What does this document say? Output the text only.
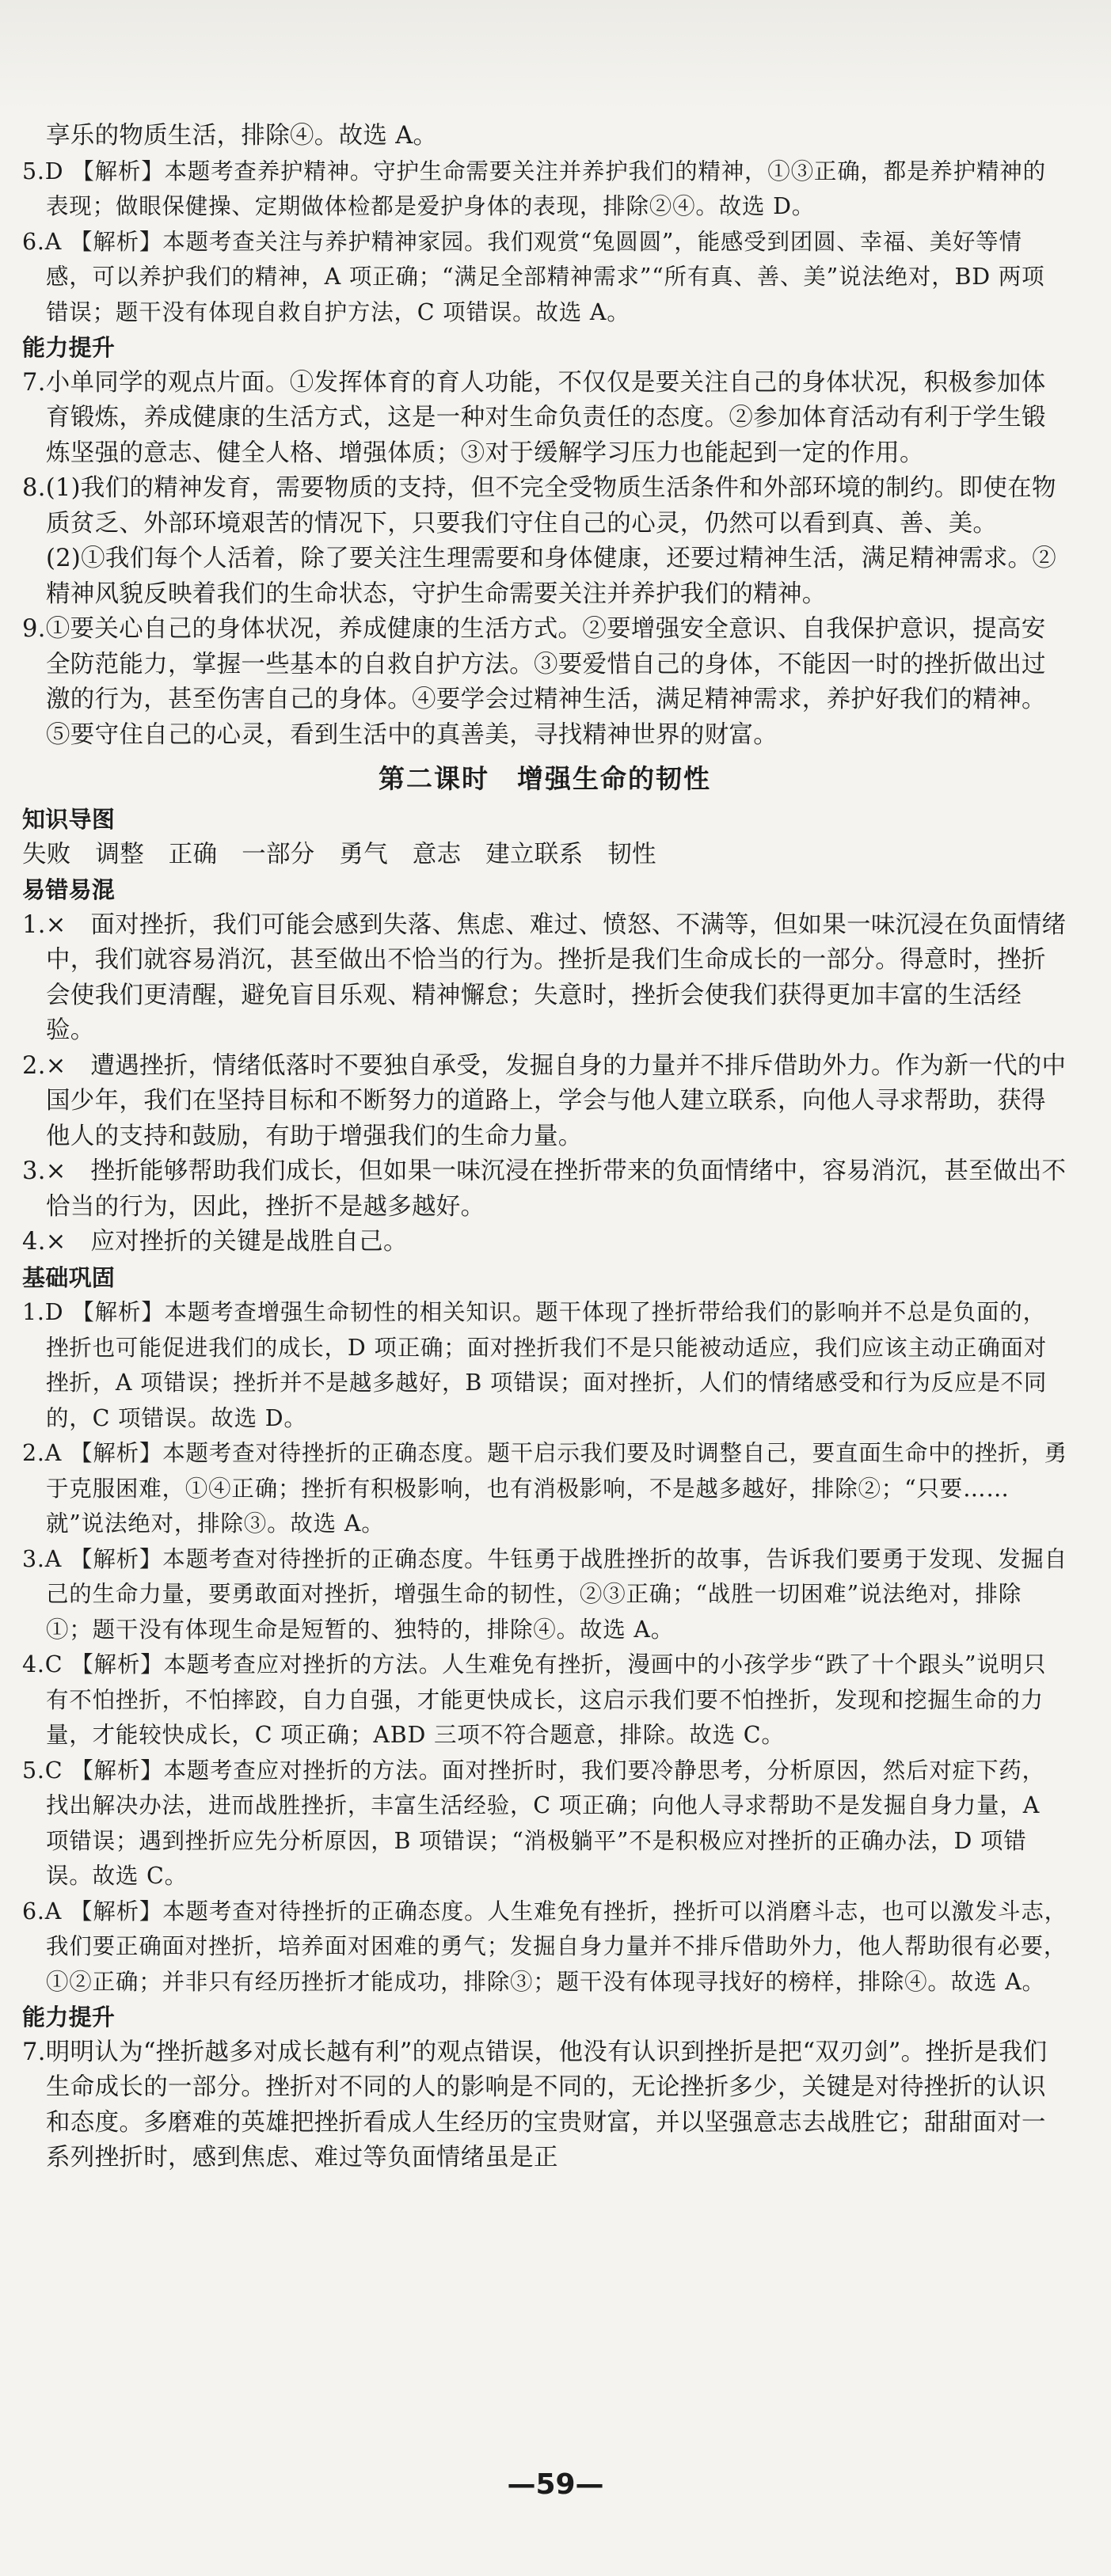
享乐的物质生活，排除④。故选 A。

5.D 【解析】本题考查养护精神。守护生命需要关注并养护我们的精神，①③正确，都是养护精神的表现；做眼保健操、定期做体检都是爱护身体的表现，排除②④。故选 D。

6.A 【解析】本题考查关注与养护精神家园。我们观赏“兔圆圆”，能感受到团圆、幸福、美好等情感，可以养护我们的精神，A 项正确；“满足全部精神需求”“所有真、善、美”说法绝对，BD 两项错误；题干没有体现自救自护方法，C 项错误。故选 A。

能力提升

7.小单同学的观点片面。①发挥体育的育人功能，不仅仅是要关注自己的身体状况，积极参加体育锻炼，养成健康的生活方式，这是一种对生命负责任的态度。②参加体育活动有利于学生锻炼坚强的意志、健全人格、增强体质；③对于缓解学习压力也能起到一定的作用。

8.(1)我们的精神发育，需要物质的支持，但不完全受物质生活条件和外部环境的制约。即使在物质贫乏、外部环境艰苦的情况下，只要我们守住自己的心灵，仍然可以看到真、善、美。

(2)①我们每个人活着，除了要关注生理需要和身体健康，还要过精神生活，满足精神需求。②精神风貌反映着我们的生命状态，守护生命需要关注并养护我们的精神。

9.①要关心自己的身体状况，养成健康的生活方式。②要增强安全意识、自我保护意识，提高安全防范能力，掌握一些基本的自救自护方法。③要爱惜自己的身体，不能因一时的挫折做出过激的行为，甚至伤害自己的身体。④要学会过精神生活，满足精神需求，养护好我们的精神。⑤要守住自己的心灵，看到生活中的真善美，寻找精神世界的财富。

第二课时　增强生命的韧性

知识导图

失败　调整　正确　一部分　勇气　意志　建立联系　韧性

易错易混

1.×　面对挫折，我们可能会感到失落、焦虑、难过、愤怒、不满等，但如果一味沉浸在负面情绪中，我们就容易消沉，甚至做出不恰当的行为。挫折是我们生命成长的一部分。得意时，挫折会使我们更清醒，避免盲目乐观、精神懈怠；失意时，挫折会使我们获得更加丰富的生活经验。

2.×　遭遇挫折，情绪低落时不要独自承受，发掘自身的力量并不排斥借助外力。作为新一代的中国少年，我们在坚持目标和不断努力的道路上，学会与他人建立联系，向他人寻求帮助，获得他人的支持和鼓励，有助于增强我们的生命力量。

3.×　挫折能够帮助我们成长，但如果一味沉浸在挫折带来的负面情绪中，容易消沉，甚至做出不恰当的行为，因此，挫折不是越多越好。

4.×　应对挫折的关键是战胜自己。

基础巩固

1.D 【解析】本题考查增强生命韧性的相关知识。题干体现了挫折带给我们的影响并不总是负面的，挫折也可能促进我们的成长，D 项正确；面对挫折我们不是只能被动适应，我们应该主动正确面对挫折，A 项错误；挫折并不是越多越好，B 项错误；面对挫折，人们的情绪感受和行为反应是不同的，C 项错误。故选 D。

2.A 【解析】本题考查对待挫折的正确态度。题干启示我们要及时调整自己，要直面生命中的挫折，勇于克服困难，①④正确；挫折有积极影响，也有消极影响，不是越多越好，排除②；“只要……就”说法绝对，排除③。故选 A。

3.A 【解析】本题考查对待挫折的正确态度。牛钰勇于战胜挫折的故事，告诉我们要勇于发现、发掘自己的生命力量，要勇敢面对挫折，增强生命的韧性，②③正确；“战胜一切困难”说法绝对，排除①；题干没有体现生命是短暂的、独特的，排除④。故选 A。

4.C 【解析】本题考查应对挫折的方法。人生难免有挫折，漫画中的小孩学步“跌了十个跟头”说明只有不怕挫折，不怕摔跤，自力自强，才能更快成长，这启示我们要不怕挫折，发现和挖掘生命的力量，才能较快成长，C 项正确；ABD 三项不符合题意，排除。故选 C。

5.C 【解析】本题考查应对挫折的方法。面对挫折时，我们要冷静思考，分析原因，然后对症下药，找出解决办法，进而战胜挫折，丰富生活经验，C 项正确；向他人寻求帮助不是发掘自身力量，A 项错误；遇到挫折应先分析原因，B 项错误；“消极躺平”不是积极应对挫折的正确办法，D 项错误。故选 C。

6.A 【解析】本题考查对待挫折的正确态度。人生难免有挫折，挫折可以消磨斗志，也可以激发斗志，我们要正确面对挫折，培养面对困难的勇气；发掘自身力量并不排斥借助外力，他人帮助很有必要，①②正确；并非只有经历挫折才能成功，排除③；题干没有体现寻找好的榜样，排除④。故选 A。

能力提升

7.明明认为“挫折越多对成长越有利”的观点错误，他没有认识到挫折是把“双刃剑”。挫折是我们生命成长的一部分。挫折对不同的人的影响是不同的，无论挫折多少，关键是对待挫折的认识和态度。多磨难的英雄把挫折看成人生经历的宝贵财富，并以坚强意志去战胜它；甜甜面对一系列挫折时，感到焦虑、难过等负面情绪虽是正

—59—
